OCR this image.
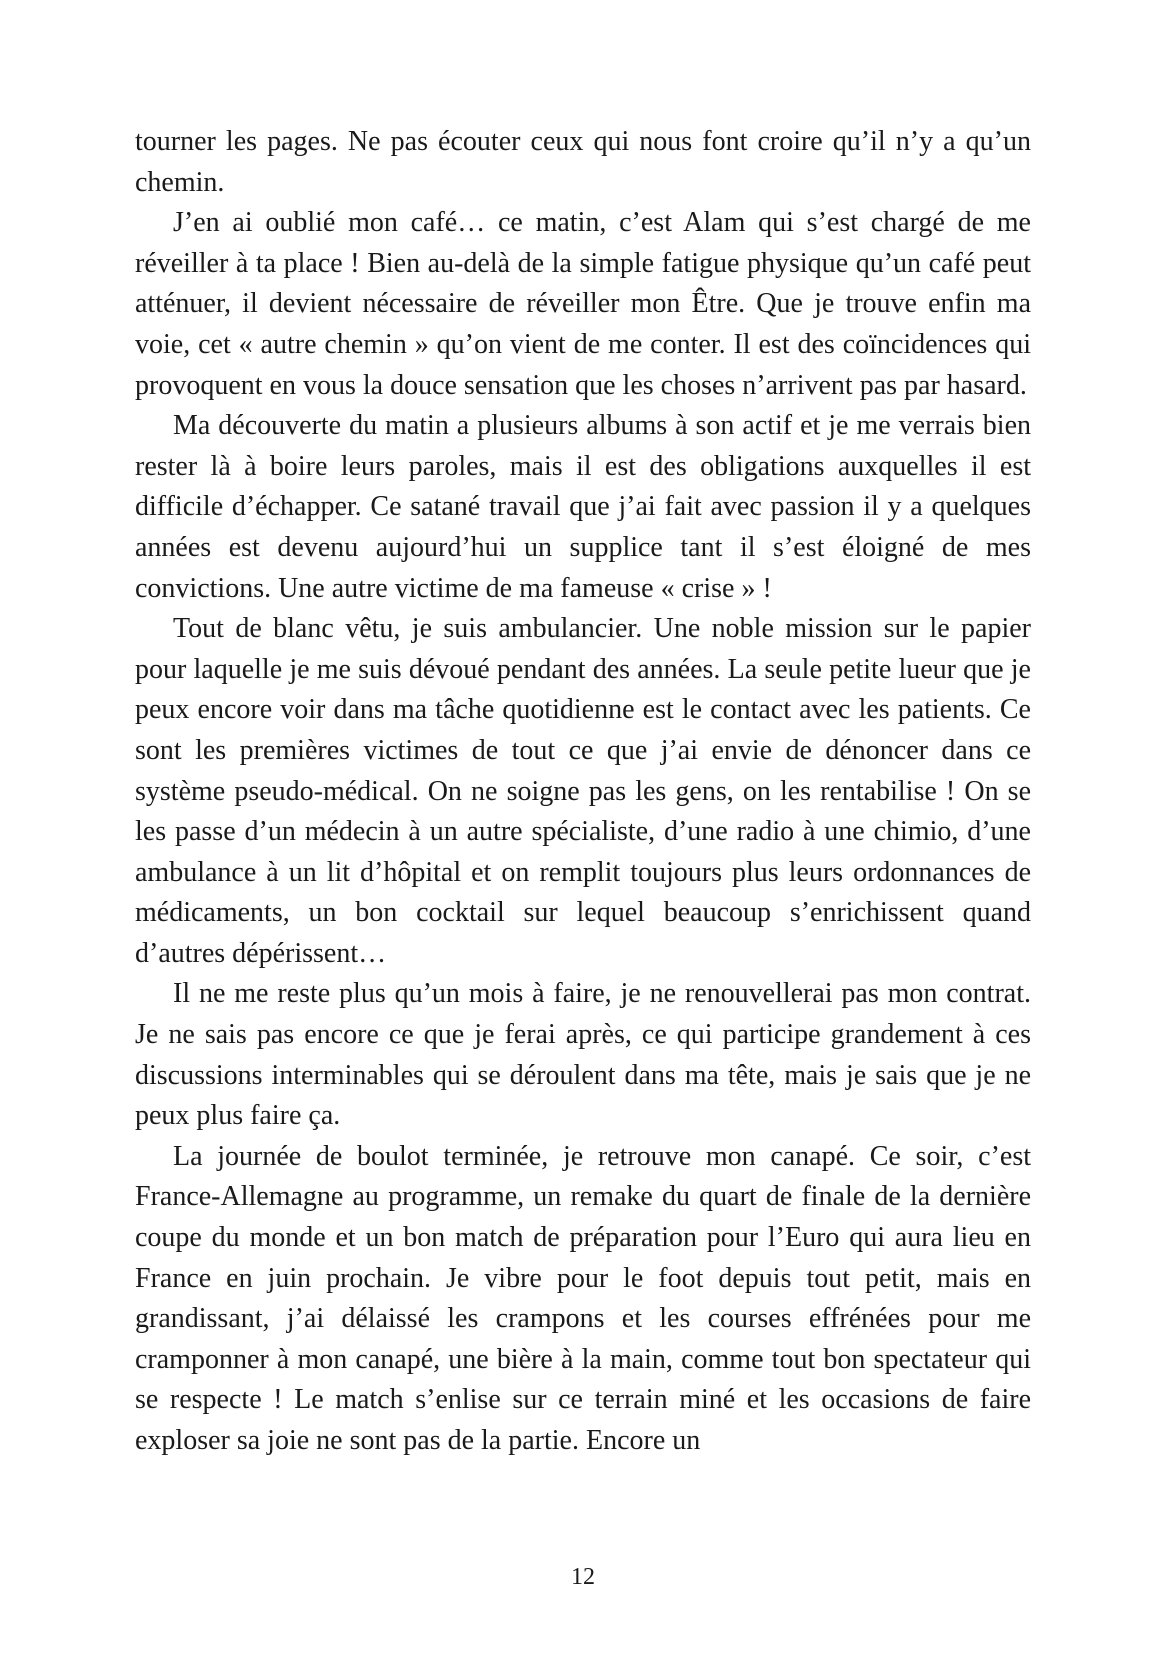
tourner les pages. Ne pas écouter ceux qui nous font croire qu’il n’y a qu’un chemin.

J’en ai oublié mon café… ce matin, c’est Alam qui s’est chargé de me réveiller à ta place ! Bien au-delà de la simple fatigue physique qu’un café peut atténuer, il devient nécessaire de réveiller mon Être. Que je trouve enfin ma voie, cet « autre chemin » qu’on vient de me conter. Il est des coïncidences qui provoquent en vous la douce sensation que les choses n’arrivent pas par hasard.

Ma découverte du matin a plusieurs albums à son actif et je me verrais bien rester là à boire leurs paroles, mais il est des obligations auxquelles il est difficile d’échapper. Ce satané travail que j’ai fait avec passion il y a quelques années est devenu aujourd’hui un supplice tant il s’est éloigné de mes convictions. Une autre victime de ma fameuse « crise » !

Tout de blanc vêtu, je suis ambulancier. Une noble mission sur le papier pour laquelle je me suis dévoué pendant des années. La seule petite lueur que je peux encore voir dans ma tâche quotidienne est le contact avec les patients. Ce sont les premières victimes de tout ce que j’ai envie de dénoncer dans ce système pseudo-médical. On ne soigne pas les gens, on les rentabilise ! On se les passe d’un médecin à un autre spécialiste, d’une radio à une chimio, d’une ambulance à un lit d’hôpital et on remplit toujours plus leurs ordonnances de médicaments, un bon cocktail sur lequel beaucoup s’enrichissent quand d’autres dépérissent…

Il ne me reste plus qu’un mois à faire, je ne renouvellerai pas mon contrat. Je ne sais pas encore ce que je ferai après, ce qui participe grandement à ces discussions interminables qui se déroulent dans ma tête, mais je sais que je ne peux plus faire ça.

La journée de boulot terminée, je retrouve mon canapé. Ce soir, c’est France-Allemagne au programme, un remake du quart de finale de la dernière coupe du monde et un bon match de préparation pour l’Euro qui aura lieu en France en juin prochain. Je vibre pour le foot depuis tout petit, mais en grandissant, j’ai délaissé les crampons et les courses effrénées pour me cramponner à mon canapé, une bière à la main, comme tout bon spectateur qui se respecte ! Le match s’enlise sur ce terrain miné et les occasions de faire exploser sa joie ne sont pas de la partie. Encore un

12
